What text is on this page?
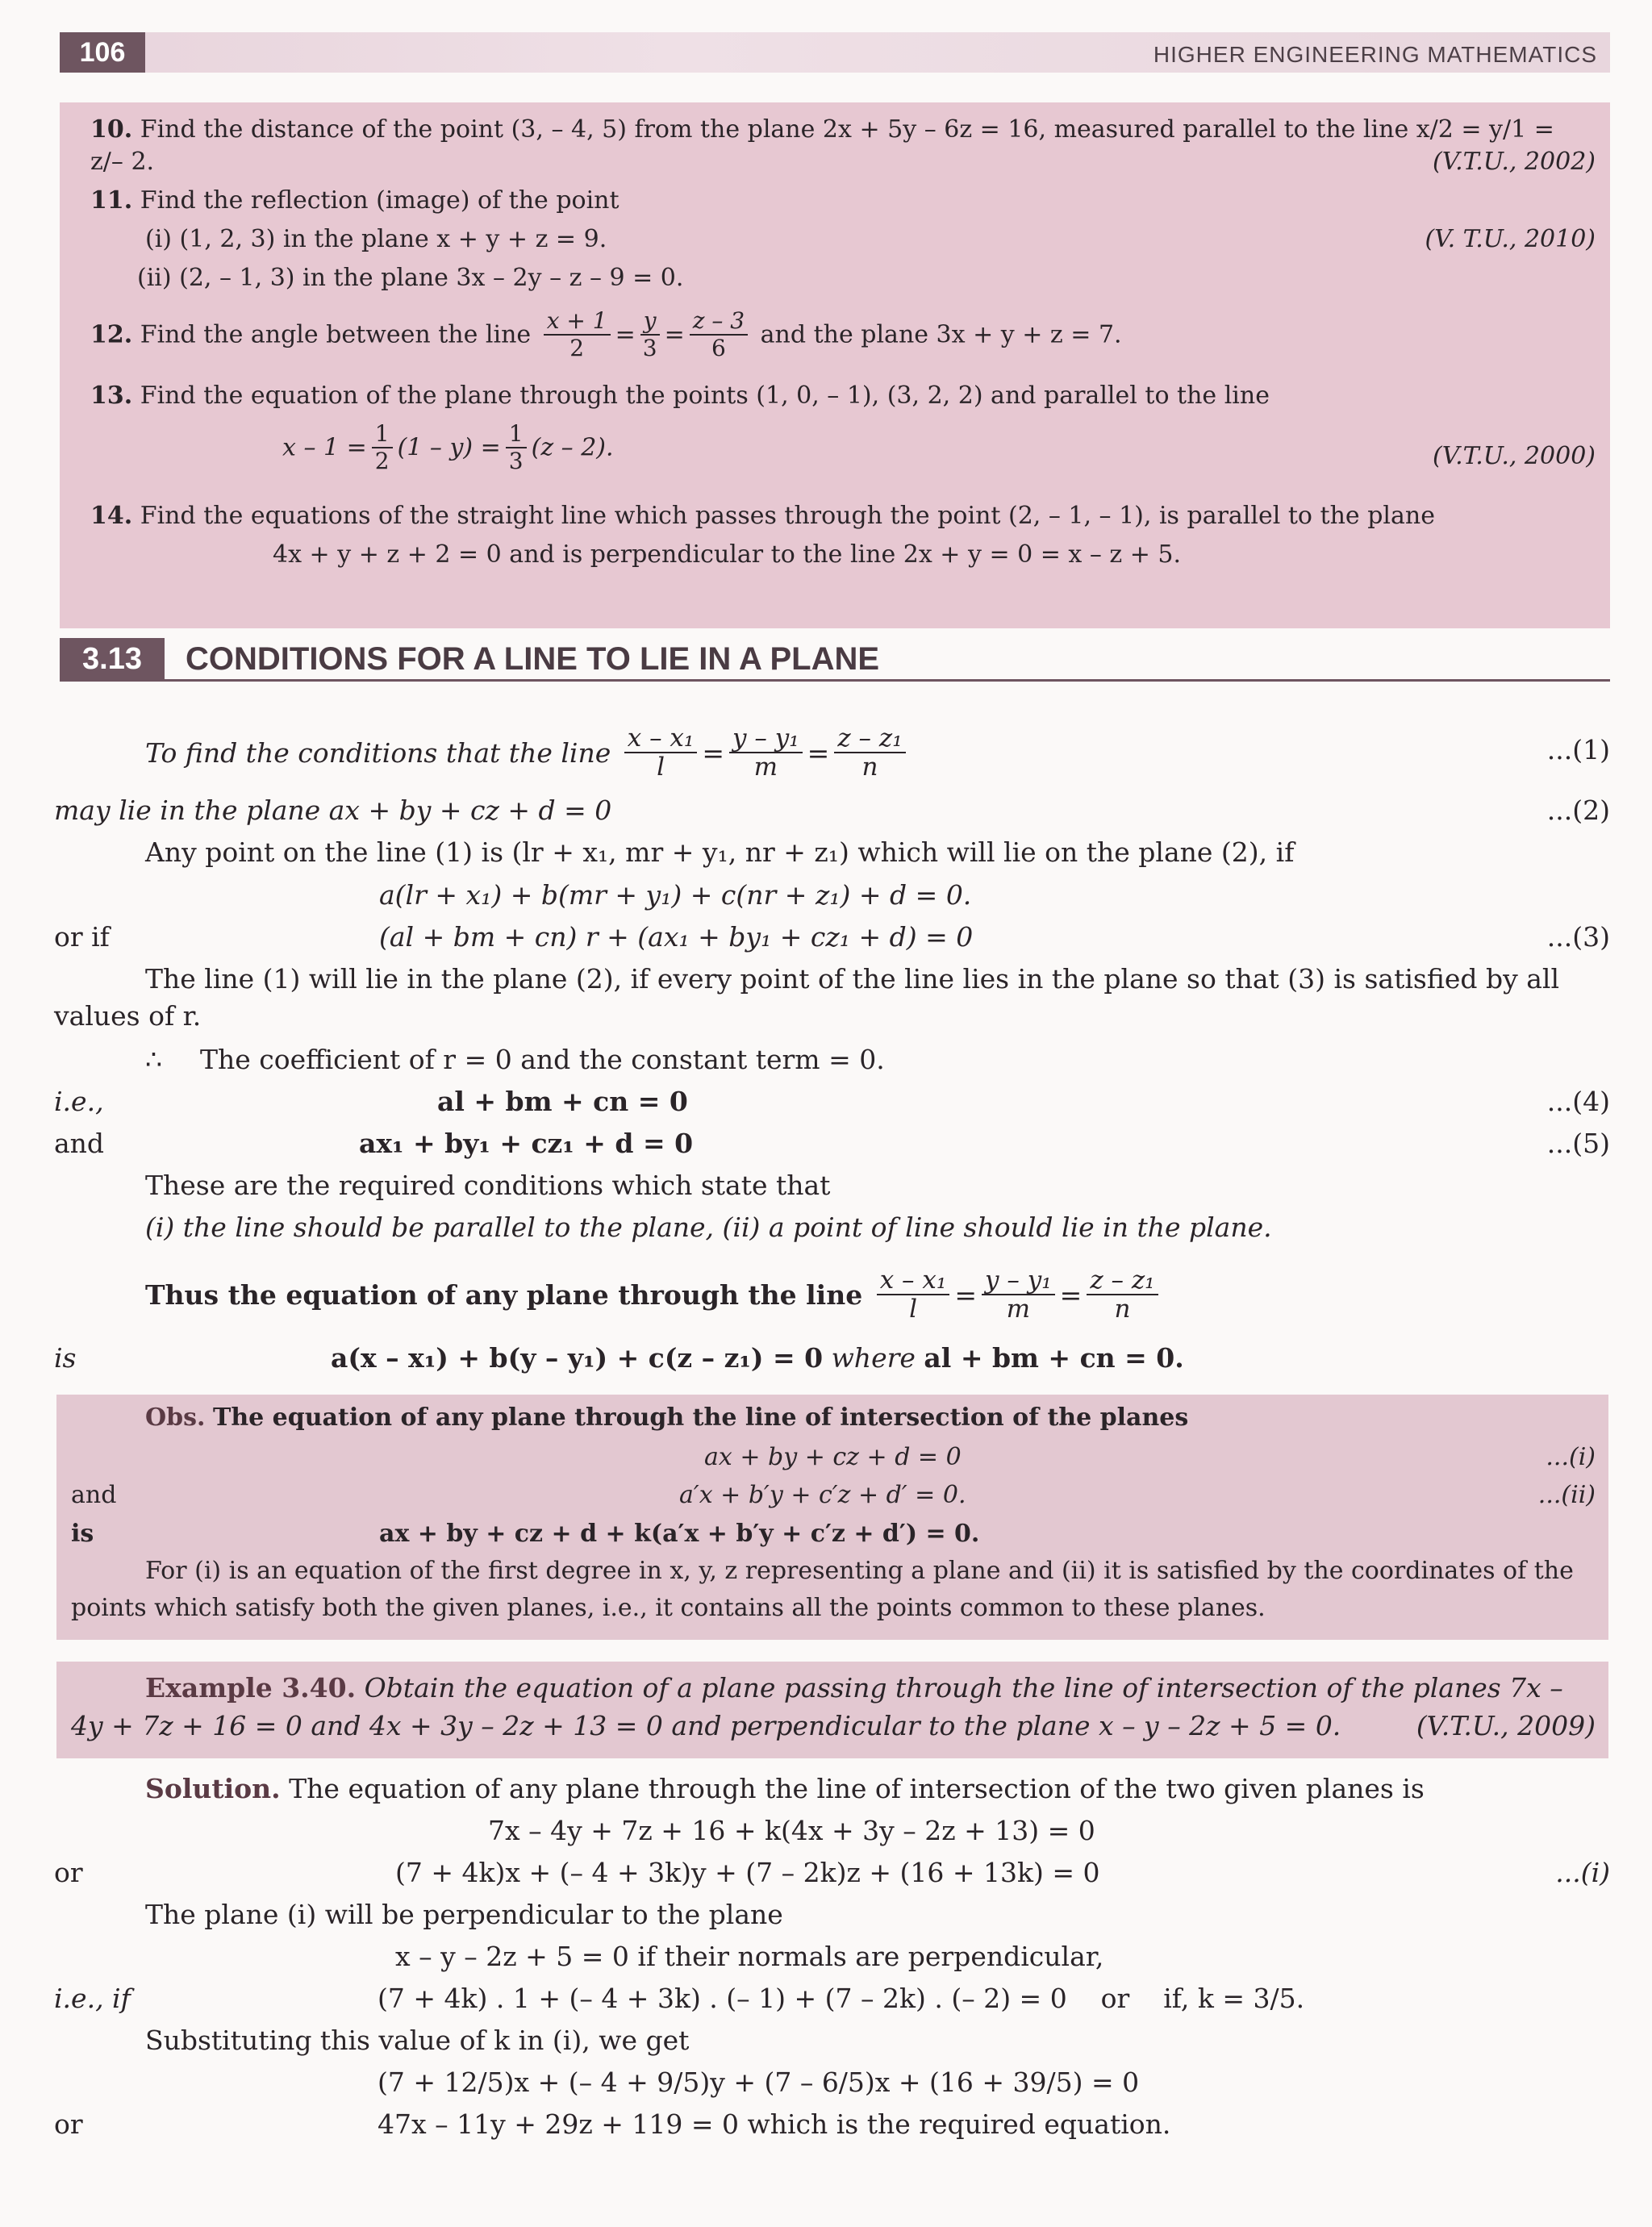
106	HIGHER ENGINEERING MATHEMATICS
10. Find the distance of the point (3, – 4, 5) from the plane 2x + 5y – 6z = 16, measured parallel to the line x/2 = y/1 =
z/– 2.	(V.T.U., 2002)
11. Find the reflection (image) of the point
(i) (1, 2, 3) in the plane x + y + z = 9.	(V. T.U., 2010)
(ii) (2, – 1, 3) in the plane 3x – 2y – z – 9 = 0.
12. Find the angle between the line $\frac{x + 1}{2} = \frac{y}{3} = \frac{z - 3}{6}$ and the plane 3x + y + z = 7.
13. Find the equation of the plane through the points (1, 0, – 1), (3, 2, 2) and parallel to the line
$x - 1 = \frac{1}{2} (1 - y) = \frac{1}{3} (z - 2)$.	(V.T.U., 2000)
14. Find the equations of the straight line which passes through the point (2, – 1, – 1), is parallel to the plane
4x + y + z + 2 = 0 and is perpendicular to the line 2x + y = 0 = x – z + 5.
3.13	CONDITIONS FOR A LINE TO LIE IN A PLANE
To find the conditions that the line $\frac{\text{x – x₁}}{l} = \frac{\text{y – y₁}}{m} = \frac{\text{z – z₁}}{n}$	...(1)
may lie in the plane ax + by + cz + d = 0	...(2)
Any point on the line (1) is (lr + x₁, mr + y₁, nr + z₁) which will lie on the plane (2), if
a(lr + x₁) + b(mr + y₁) + c(nr + z₁) + d = 0.
or if	(al + bm + cn) r + (ax₁ + by₁ + cz₁ + d) = 0	...(3)
The line (1) will lie in the plane (2), if every point of the line lies in the plane so that (3) is satisfied by all
values of r.
∴ The coefficient of r = 0 and the constant term = 0.
i.e.,	al + bm + cn = 0	...(4)
and	ax₁ + by₁ + cz₁ + d = 0	...(5)
These are the required conditions which state that
(i) the line should be parallel to the plane, (ii) a point of line should lie in the plane.
Thus the equation of any plane through the line $\frac{\text{x – x₁}}{l} = \frac{\text{y – y₁}}{m} = \frac{\text{z – z₁}}{n}$
is	a(x – x₁) + b(y – y₁) + c(z – z₁) = 0 where al + bm + cn = 0.
Obs. The equation of any plane through the line of intersection of the planes
ax + by + cz + d = 0	...(i)
and	a′x + b′y + c′z + d′ = 0.	...(ii)
is	ax + by + cz + d + k(a′x + b′y + c′z + d′) = 0.
For (i) is an equation of the first degree in x, y, z representing a plane and (ii) it is satisfied by the coordinates of the
points which satisfy both the given planes, i.e., it contains all the points common to these planes.
Example 3.40. Obtain the equation of a plane passing through the line of intersection of the planes 7x –
4y + 7z + 16 = 0 and 4x + 3y – 2z + 13 = 0 and perpendicular to the plane x – y – 2z + 5 = 0.	(V.T.U., 2009)
Solution. The equation of any plane through the line of intersection of the two given planes is
7x – 4y + 7z + 16 + k(4x + 3y – 2z + 13) = 0
or	(7 + 4k)x + (– 4 + 3k)y + (7 – 2k)z + (16 + 13k) = 0	...(i)
The plane (i) will be perpendicular to the plane
x – y – 2z + 5 = 0 if their normals are perpendicular,
i.e., if	(7 + 4k) . 1 + (– 4 + 3k) . (– 1) + (7 – 2k) . (– 2) = 0    or    if, k = 3/5.
Substituting this value of k in (i), we get
(7 + 12/5)x + (– 4 + 9/5)y + (7 – 6/5)x + (16 + 39/5) = 0
or	47x – 11y + 29z + 119 = 0 which is the required equation.
